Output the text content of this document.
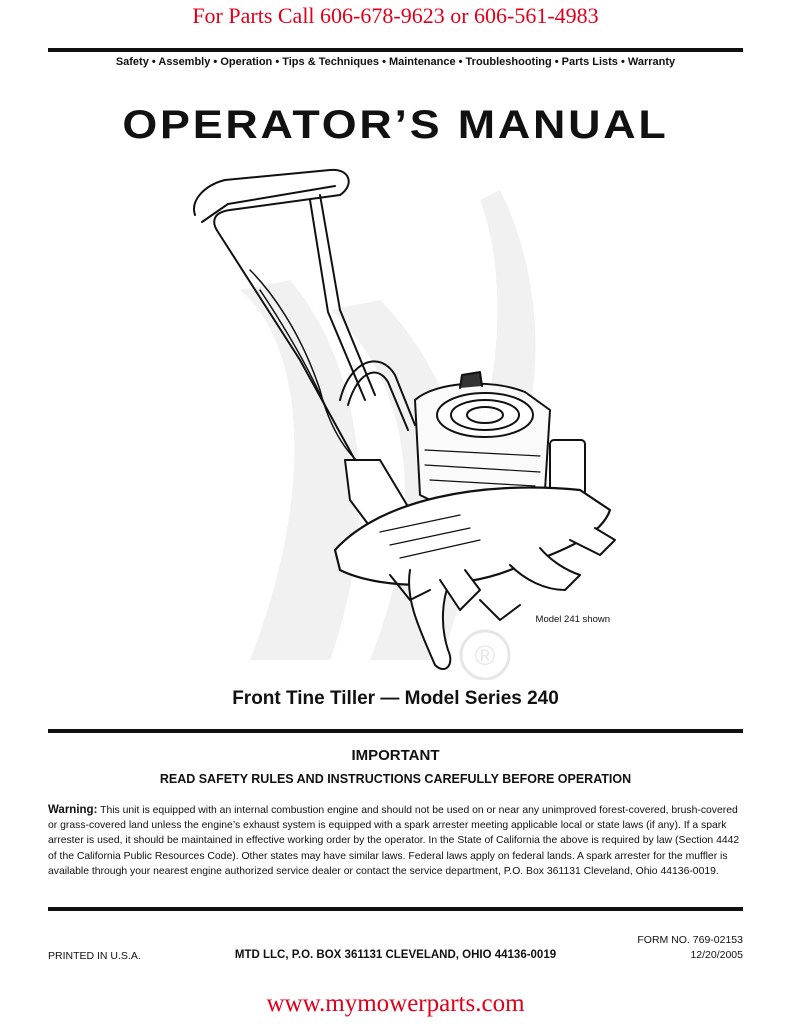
For Parts Call 606-678-9623 or 606-561-4983
Safety • Assembly • Operation • Tips & Techniques • Maintenance • Troubleshooting • Parts Lists • Warranty
OPERATOR’S MANUAL
®
Model 241 shown
Front Tine Tiller — Model Series 240
IMPORTANT
READ SAFETY RULES AND INSTRUCTIONS CAREFULLY BEFORE OPERATION
Warning: This unit is equipped with an internal combustion engine and should not be used on or near any unimproved forest-covered, brush-covered or grass-covered land unless the engine’s exhaust system is equipped with a spark arrester meeting applicable local or state laws (if any). If a spark arrester is used, it should be maintained in effective working order by the operator. In the State of California the above is required by law (Section 4442 of the California Public Resources Code). Other states may have similar laws. Federal laws apply on federal lands. A spark arrester for the muffler is available through your nearest engine authorized service dealer or contact the service department, P.O. Box 361131 Cleveland, Ohio 44136-0019.
PRINTED IN U.S.A.	MTD LLC, P.O. BOX 361131 CLEVELAND, OHIO 44136-0019
FORM NO. 769-02153
12/20/2005
www.mymowerparts.com
